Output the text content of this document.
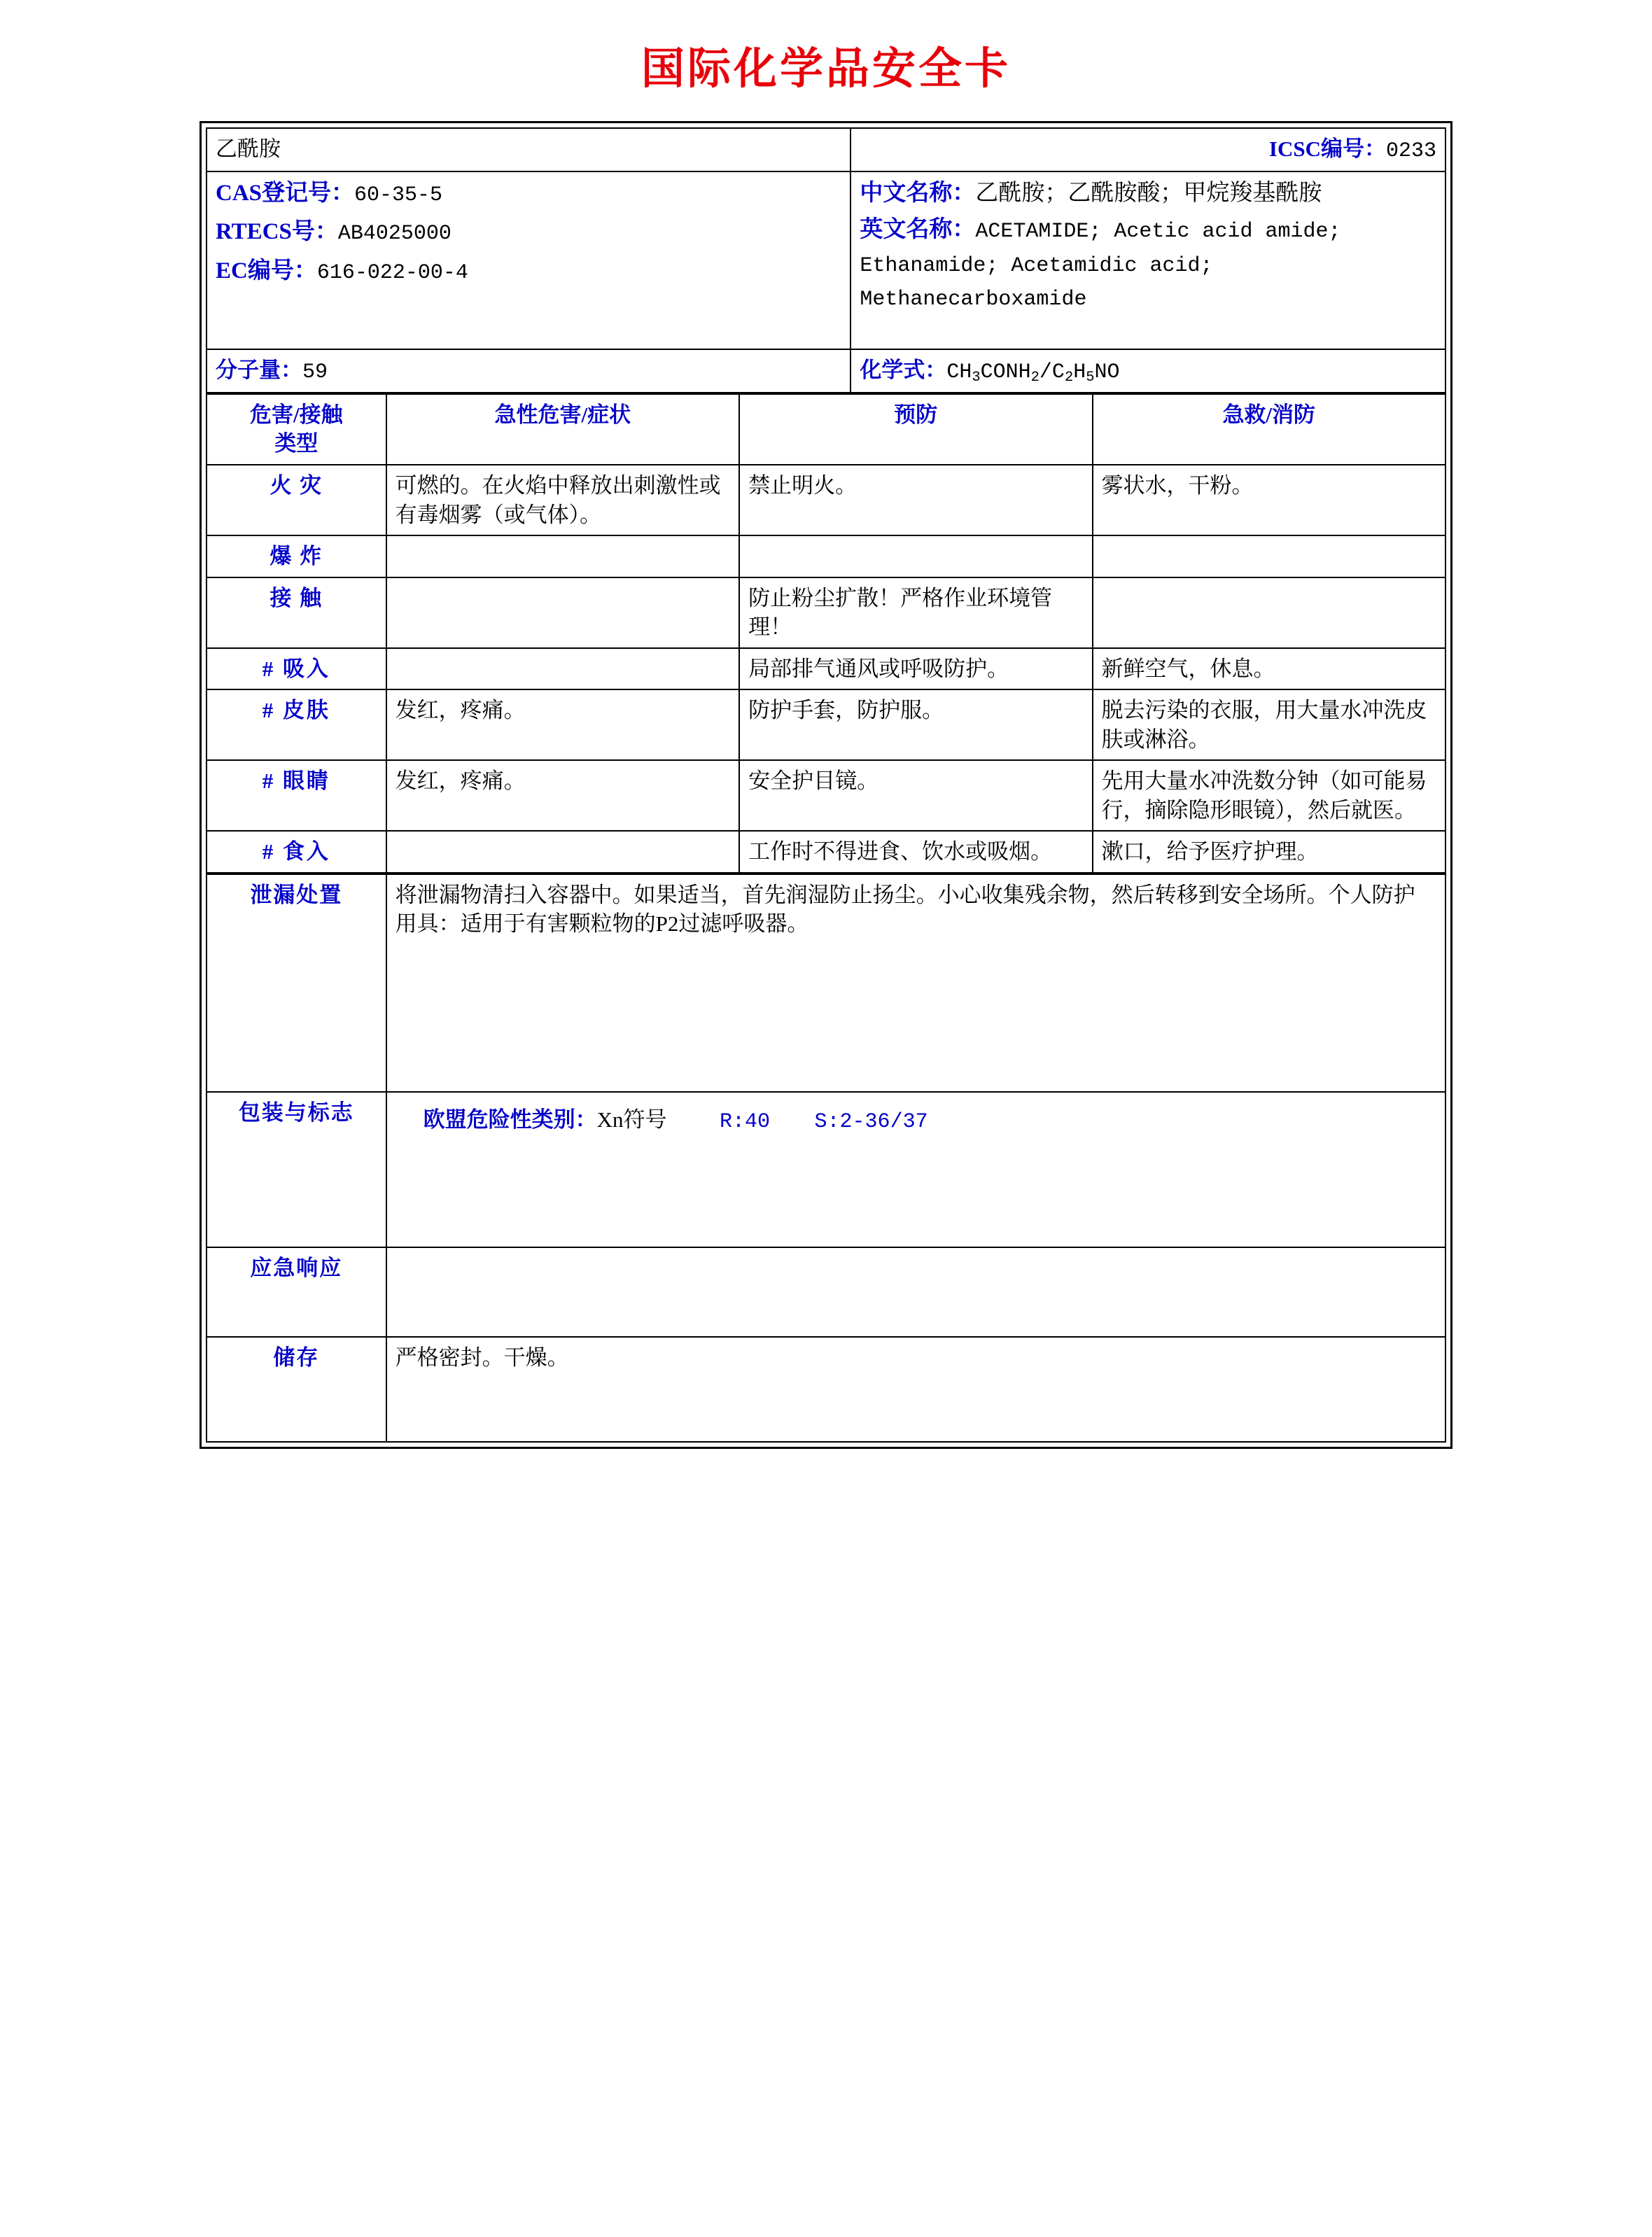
国际化学品安全卡
乙酰胺	ICSC编号：0233

CAS登记号：60-35-5

RTECS号：AB4025000

EC编号：616-022-00-4

中文名称：乙酰胺；乙酰胺酸；甲烷羧基酰胺

英文名称：ACETAMIDE; Acetic acid amide;

Ethanamide; Acetamidic acid;

Methanecarboxamide

分子量：59	化学式：$CH_3CONH_2/C_2H_5NO$
危害/接触
类型	急性危害/症状	预防	急救/消防
火 灾	可燃的。在火焰中释放出刺激性或有毒烟雾（或气体）。	禁止明火。	雾状水，干粉。
爆 炸			
接 触		防止粉尘扩散！严格作业环境管理！	
# 吸入		局部排气通风或呼吸防护。	新鲜空气，休息。
# 皮肤	发红，疼痛。	防护手套，防护服。	脱去污染的衣服，用大量水冲洗皮肤或淋浴。
# 眼睛	发红，疼痛。	安全护目镜。	先用大量水冲洗数分钟（如可能易行，摘除隐形眼镜），然后就医。
# 食入		工作时不得进食、饮水或吸烟。	漱口，给予医疗护理。
泄漏处置	将泄漏物清扫入容器中。如果适当，首先润湿防止扬尘。小心收集残余物，然后转移到安全场所。个人防护用具：适用于有害颗粒物的P2过滤呼吸器。

包装与标志	欧盟危险性类别：Xn符号 R:40 S:2-36/37

应急响应	

储存	严格密封。干燥。
